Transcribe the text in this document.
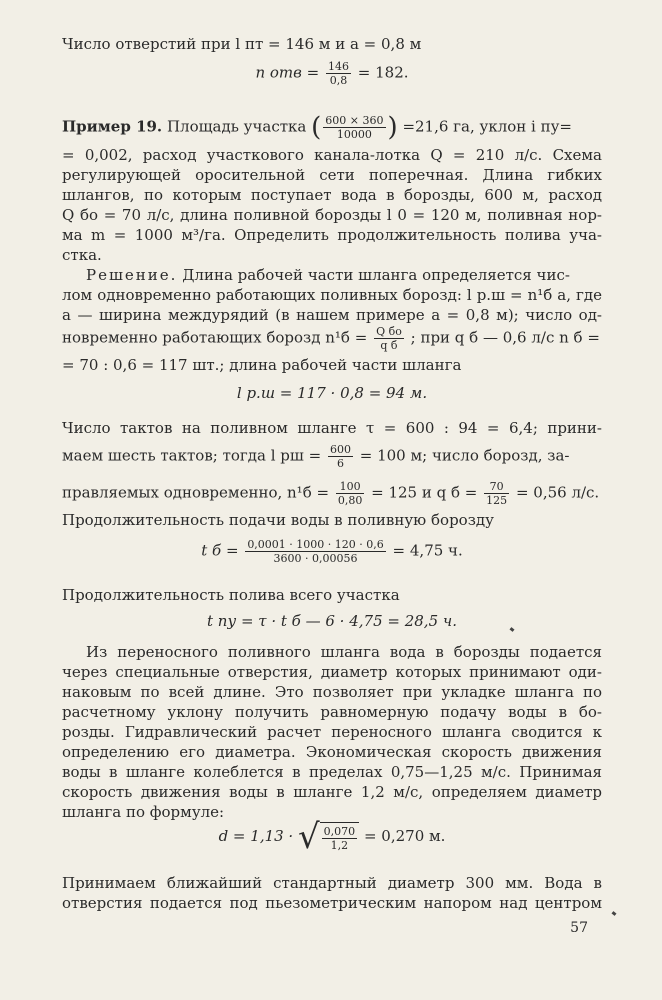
Число отверстий при l пт = 146 м и a = 0,8 м
n отв = $\frac{146}{0,8} = 182$.
Пример 19. Площадь участка ( $\frac{600 \times 360}{10000}$ ) =21,6 га, уклон i пу=
= 0,002, расход участкового канала-лотка Q = 210 л/с. Схема
регулирующей оросительной сети поперечная. Длина гибких
шлангов, по которым поступает вода в борозды, 600 м, расход
Q бо = 70 л/с, длина поливной борозды l 0 = 120 м, поливная нор-
ма m = 1000 м³/га. Определить продолжительность полива уча-
стка.
Решение. Длина рабочей части шланга определяется чис-
лом одновременно работающих поливных борозд: l р.ш = n¹б a, где
a — ширина междурядий (в нашем примере a = 0,8 м); число од-
новременно работающих борозд $n^1б = \frac{\text{Q бо}}{\text{q б}}$ ; при q б — 0,6 л/с n б =
= 70 : 0,6 = 117 шт.; длина рабочей части шланга
l р.ш = 117 · 0,8 = 94 м.
Число тактов на поливном шланге τ = 600 : 94 = 6,4; прини-
маем шесть тактов; тогда l рш = $\frac{600}{6} = 100$ м; число борозд, за-
правляемых одновременно, $n^1б = \frac{100}{0,80} = 125$ и q $б = \frac{70}{125} = 0,56$ л/с.
Продолжительность подачи воды в поливную борозду
t $б = \frac{0,0001 \cdot 1000 \cdot 120 \cdot 0,6}{3600 \cdot 0,00056} = 4,75$ ч.
Продолжительность полива всего участка
t пу = τ · t б — 6 · 4,75 = 28,5 ч.
Из переносного поливного шланга вода в борозды подается
через специальные отверстия, диаметр которых принимают оди-
наковым по всей длине. Это позволяет при укладке шланга по
расчетному уклону получить равномерную подачу воды в бо-
розды. Гидравлический расчет переносного шланга сводится к
определению его диаметра. Экономическая скорость движения
воды в шланге колеблется в пределах 0,75—1,25 м/с. Принимая
скорость движения воды в шланге 1,2 м/с, определяем диаметр
шланга по формуле:
d = 1,13 · √ $\frac{0,070}{1,2} = 0,270$ м.
Принимаем ближайший стандартный диаметр 300 мм. Вода в
отверстия подается под пьезометрическим напором над центром
57
